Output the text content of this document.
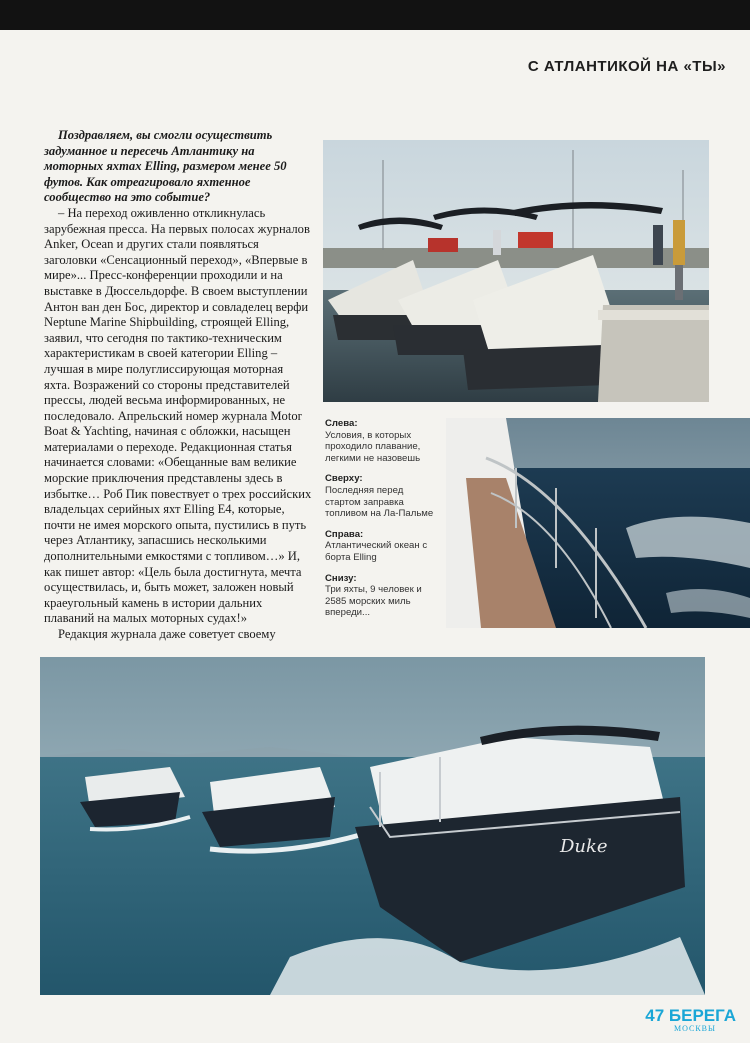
С АТЛАНТИКОЙ НА «ТЫ»

Поздравляем, вы смогли осуществить задуманное и пересечь Атлантику на моторных яхтах Elling, размером менее 50 футов. Как отреагировало яхтенное сообщество на это событие?

– На переход оживленно откликнулась зарубежная пресса. На первых полосах журналов Anker, Ocean и других стали появляться заголовки «Сенсационный переход», «Впервые в мире»... Пресс-конференции проходили и на выставке в Дюссельдорфе. В своем выступлении Антон ван ден Бос, директор и совладелец верфи Neptune Marine Shipbuilding, строящей Elling, заявил, что сегодня по тактико-техническим характеристикам в своей категории Elling – лучшая в мире полуглиссирующая моторная яхта. Возражений со стороны представителей прессы, людей весьма информированных, не последовало. Апрельский номер журнала Motor Boat & Yachting, начиная с обложки, насыщен материалами о переходе. Редакционная статья начинается словами: «Обещанные вам великие морские приключения представлены здесь в избытке… Роб Пик повествует о трех российских владельцах серийных яхт Elling E4, которые, почти не имея морского опыта, пустились в путь через Атлантику, запасшись несколькими дополнительными емкостями с топливом…» И, как пишет автор: «Цель была достигнута, мечта осуществилась, и, быть может, заложен новый краеугольный камень в истории дальних плаваний на малых моторных судах!»

Редакция журнала даже советует своему

Слева:
Условия, в которых проходило плавание, легкими не назовешь
Сверху:
Последняя перед стартом заправка топливом на Ла-Пальме
Справа:
Атлантический океан с борта Elling
Снизу:
Три яхты, 9 человек и 2585 морских миль впереди...
Duke
47 БЕРЕГА
МОСКВЫ
